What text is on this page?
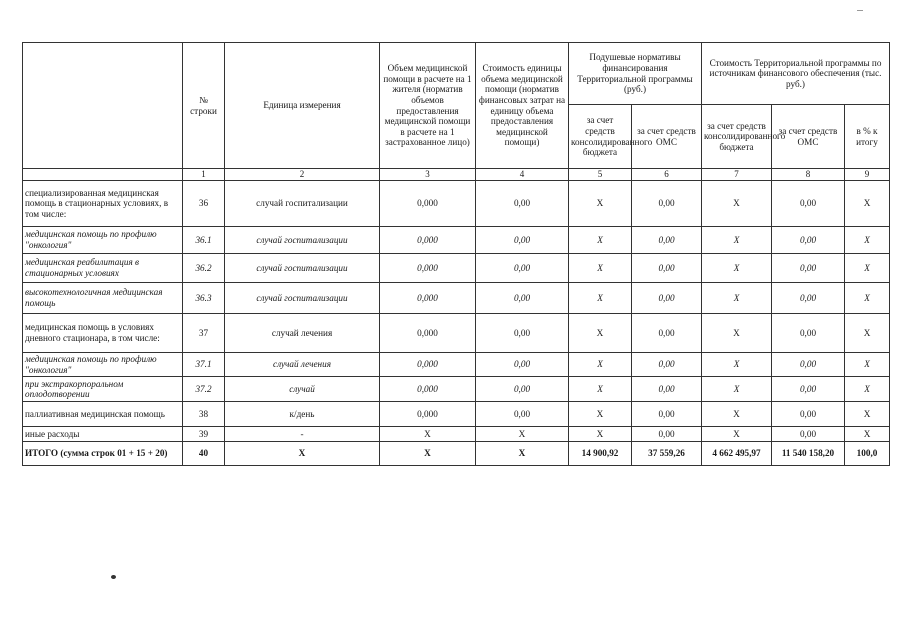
	№ строки	Единица измерения	Объем медицинской помощи в расчете на 1 жителя (норматив объемов предоставления медицинской помощи в расчете на 1 застрахованное лицо)	Стоимость единицы объема медицинской помощи (норматив финансовых затрат на единицу объема предоставления медицинской помощи)	Подушевые нормативы финансирования Территориальной программы (руб.)		Стоимость Территориальной программы по источникам финансового обеспечения (тыс. руб.)		
					за счет средств консолидированного бюджета	за счет средств ОМС	за счет средств консолидированного бюджета	за счет средств ОМС	в % к итогу
	1	2	3	4	5	6	7	8	9
специализированная медицинская помощь в стационарных условиях, в том числе:	36	случай госпитализации	0,000	0,00	Х	0,00	Х	0,00	Х
медицинская помощь по профилю "онкология"	36.1	случай госпитализации	0,000	0,00	Х	0,00	Х	0,00	Х
медицинская реабилитация в стационарных условиях	36.2	случай госпитализации	0,000	0,00	Х	0,00	Х	0,00	Х
высокотехнологичная медицинская помощь	36.3	случай госпитализации	0,000	0,00	Х	0,00	Х	0,00	Х
медицинская помощь в условиях дневного стационара, в том числе:	37	случай лечения	0,000	0,00	Х	0,00	Х	0,00	Х
медицинская помощь по профилю "онкология"	37.1	случай лечения	0,000	0,00	Х	0,00	Х	0,00	Х
при экстракорпоральном оплодотворении	37.2	случай	0,000	0,00	Х	0,00	Х	0,00	Х
паллиативная медицинская помощь	38	к/день	0,000	0,00	Х	0,00	Х	0,00	Х
иные расходы	39	-	Х	Х	Х	0,00	Х	0,00	Х
ИТОГО (сумма строк 01 + 15 + 20)	40	Х	Х	Х	14 900,92	37 559,26	4 662 495,97	11 540 158,20	100,0
